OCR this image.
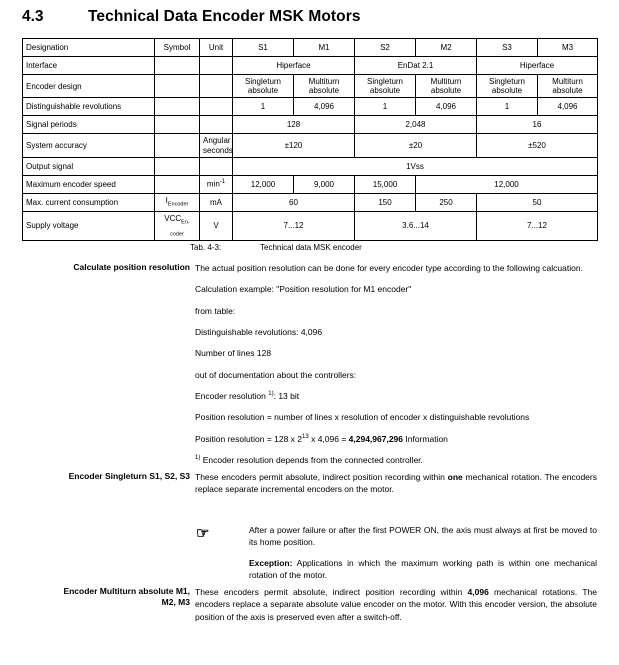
4.3	Technical Data Encoder MSK Motors
Designation	Symbol	Unit	S1	M1	S2	M2	S3	M3
Interface			Hiperface		EnDat 2.1		Hiperface	
Encoder design			Singleturn absolute	Multiturn absolute	Singleturn absolute	Multiturn absolute	Singleturn absolute	Multiturn absolute
Distinguishable revolutions			1	4,096	1	4,096	1	4,096
Signal periods			128		2,048		16	
System accuracy		Angular seconds	±120		±20		±520	
Output signal			1Vss					
Maximum encoder speed		$\min^{-1}$	12,000	9,000	15,000	12,000		
Max. current consumption	$I_{Encoder}$	mA	60		150	250	50	
Supply voltage	$VCC_{En- coder}$	V	7...12		3.6...14		7...12	
Tab. 4-3:	Technical data MSK encoder
Calculate position resolution The actual position resolution can be done for every encoder type according to the following calcuation.

Calculation example: "Position resolution for M1 encoder"

from table:

Distinguishable revolutions: 4,096

Number of lines 128

out of documentation about the controllers:

Encoder resolution $^{1)}$: 13 bit

Position resolution = number of lines x resolution of encoder x distinguishable revolutions

Position resolution = 128 x $2^{13}$ x 4,096 = 4,294,967,296 Information

$^{1)}$ Encoder resolution depends from the connected controller.

Encoder Singleturn S1, S2, S3 These encoders permit absolute, indirect position recording within one mechanical rotation. The encoders replace separate incremental encoders on the motor.

☞	After a power failure or after the first POWER ON, the axis must always at first be moved to its home position.

Exception: Applications in which the maximum working path is within one mechanical rotation of the motor.

Encoder Multiturn absolute M1,
M2, M3

These encoders permit absolute, indirect position recording within 4,096 mechanical rotations. The encoders replace a separate absolute value encoder on the motor. With this encoder version, the absolute position of the axis is preserved even after a switch-off.
